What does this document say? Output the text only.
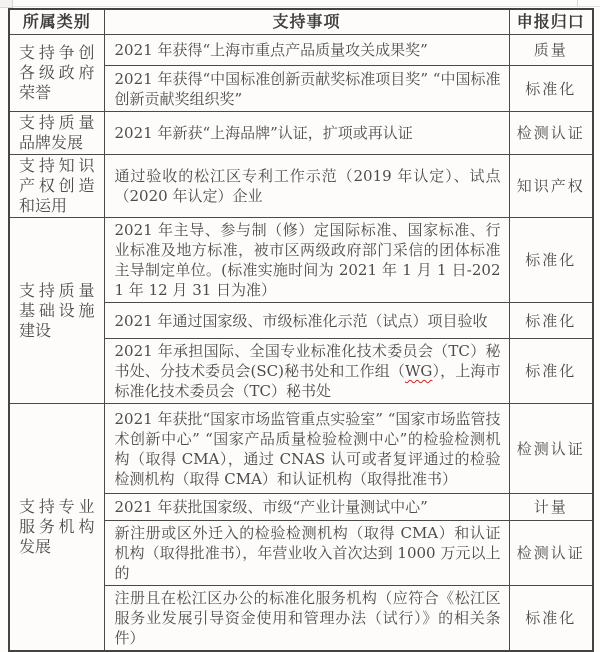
所属类别	支持事项	申报归口
支持争创各级政府荣誉	2021 年获得“上海市重点产品质量攻关成果奖”	质量
	2021 年获得“中国标准创新贡献奖标准项目奖” “中国标准创新贡献奖组织奖”	标准化
支持质量品牌发展	2021 年新获“上海品牌”认证，扩项或再认证	检测认证
支持知识产权创造和运用	通过验收的松江区专利工作示范（2019 年认定）、试点（2020 年认定）企业	知识产权
支持质量基础设施建设	2021 年主导、参与制（修）定国际标准、国家标准、行业标准及地方标准，被市区两级政府部门采信的团体标准主导制定单位。(标准实施时间为 2021 年 1 月 1 日-2021 年 12 月 31 日为准）	标准化
	2021 年通过国家级、市级标准化示范（试点）项目验收	标准化
	2021 年承担国际、全国专业标准化技术委员会（TC）秘书处、分技术委员会(SC)秘书处和工作组（WG），上海市标准化技术委员会（TC）秘书处	标准化
支持专业服务机构发展	2021 年获批“国家市场监管重点实验室” “国家市场监管技术创新中心” “国家产品质量检验检测中心”的检验检测机构（取得 CMA），通过 CNAS 认可或者复评通过的检验检测机构（取得 CMA）和认证机构（取得批准书）	检测认证
	2021 年获批国家级、市级“产业计量测试中心”	计量
	新注册或区外迁入的检验检测机构（取得 CMA）和认证机构（取得批准书），年营业收入首次达到 1000 万元以上的	检测认证
	注册且在松江区办公的标准化服务机构（应符合《松江区服务业发展引导资金使用和管理办法（试行）》的相关条件）	标准化
